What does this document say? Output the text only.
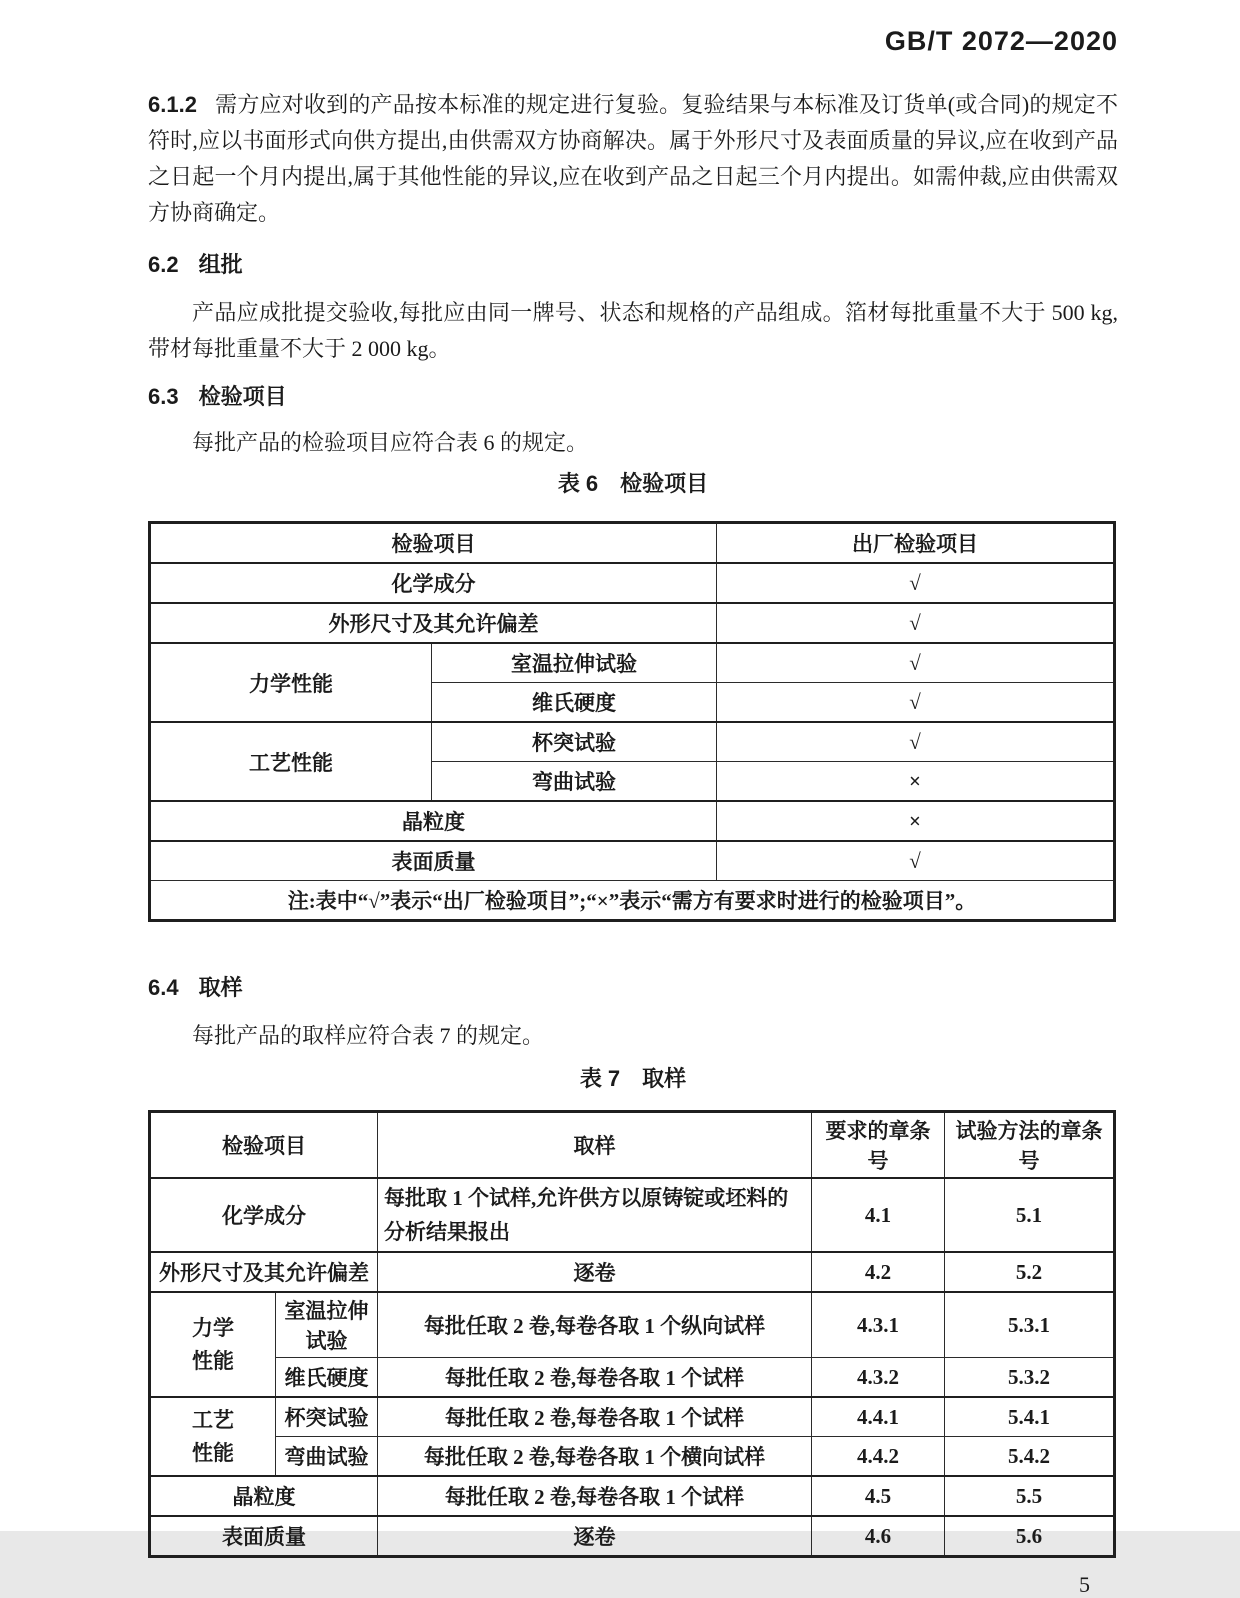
GB/T 2072—2020

6.1.2 需方应对收到的产品按本标准的规定进行复验。复验结果与本标准及订货单(或合同)的规定不符时,应以书面形式向供方提出,由供需双方协商解决。属于外形尺寸及表面质量的异议,应在收到产品之日起一个月内提出,属于其他性能的异议,应在收到产品之日起三个月内提出。如需仲裁,应由供需双方协商确定。

6.2 组批

产品应成批提交验收,每批应由同一牌号、状态和规格的产品组成。箔材每批重量不大于 500 kg,带材每批重量不大于 2 000 kg。

6.3 检验项目

每批产品的检验项目应符合表 6 的规定。

表 6　检验项目
检验项目		出厂检验项目
化学成分		√
外形尺寸及其允许偏差		√
力学性能	室温拉伸试验	√
	维氏硬度	√
工艺性能	杯突试验	√
	弯曲试验	×
晶粒度		×
表面质量		√
注:表中“√”表示“出厂检验项目”;“×”表示“需方有要求时进行的检验项目”。		
6.4 取样

每批产品的取样应符合表 7 的规定。

表 7　取样
检验项目		取样	要求的章条号	试验方法的章条号
化学成分		每批取 1 个试样,允许供方以原铸锭或坯料的分析结果报出	4.1	5.1
外形尺寸及其允许偏差		逐卷	4.2	5.2
力学性能	室温拉伸试验	每批任取 2 卷,每卷各取 1 个纵向试样	4.3.1	5.3.1
	维氏硬度	每批任取 2 卷,每卷各取 1 个试样	4.3.2	5.3.2
工艺性能	杯突试验	每批任取 2 卷,每卷各取 1 个试样	4.4.1	5.4.1
	弯曲试验	每批任取 2 卷,每卷各取 1 个横向试样	4.4.2	5.4.2
晶粒度		每批任取 2 卷,每卷各取 1 个试样	4.5	5.5
表面质量		逐卷	4.6	5.6
5
